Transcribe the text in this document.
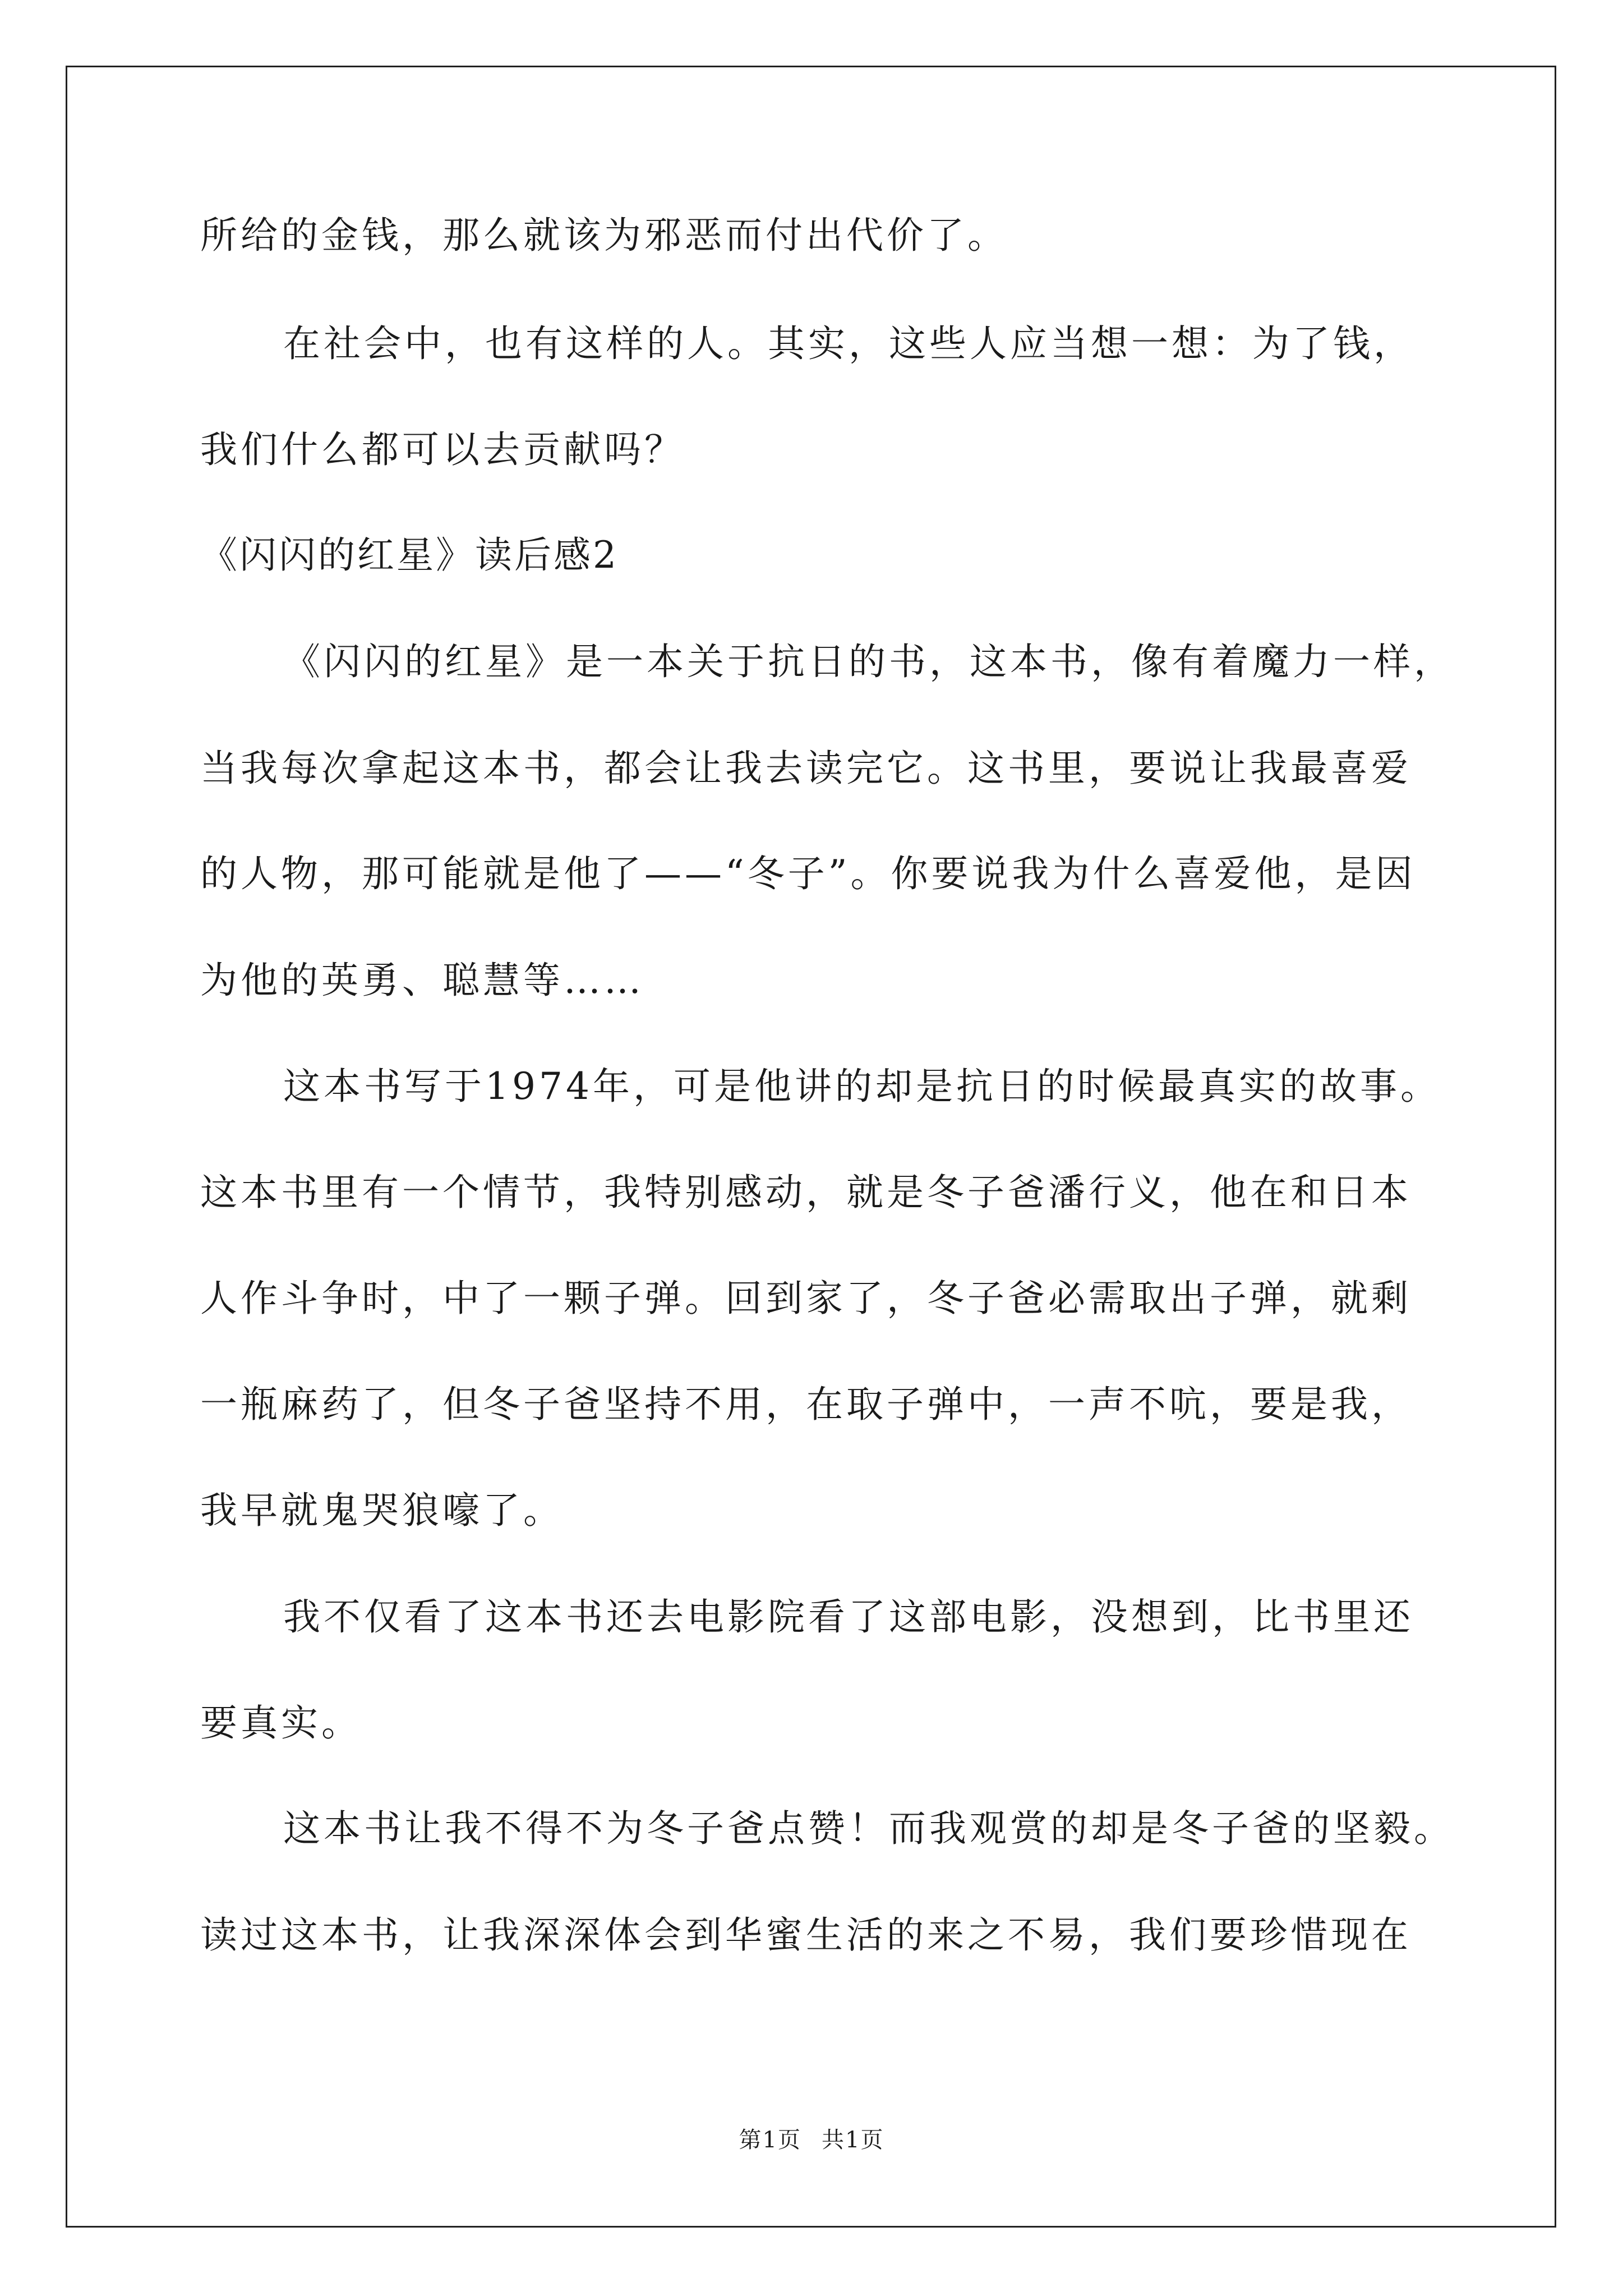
所给的金钱，那么就该为邪恶而付出代价了。
在社会中，也有这样的人。其实，这些人应当想一想：为了钱，
我们什么都可以去贡献吗？
《闪闪的红星》读后感2
《闪闪的红星》是一本关于抗日的书，这本书，像有着魔力一样，
当我每次拿起这本书，都会让我去读完它。这书里，要说让我最喜爱
的人物，那可能就是他了——“冬子”。你要说我为什么喜爱他，是因
为他的英勇、聪慧等……
这本书写于1974年，可是他讲的却是抗日的时候最真实的故事。
这本书里有一个情节，我特别感动，就是冬子爸潘行义，他在和日本
人作斗争时，中了一颗子弹。回到家了，冬子爸必需取出子弹，就剩
一瓶麻药了，但冬子爸坚持不用，在取子弹中，一声不吭，要是我，
我早就鬼哭狼嚎了。
我不仅看了这本书还去电影院看了这部电影，没想到，比书里还
要真实。
这本书让我不得不为冬子爸点赞！而我观赏的却是冬子爸的坚毅。
读过这本书，让我深深体会到华蜜生活的来之不易，我们要珍惜现在
第1页 共1页
